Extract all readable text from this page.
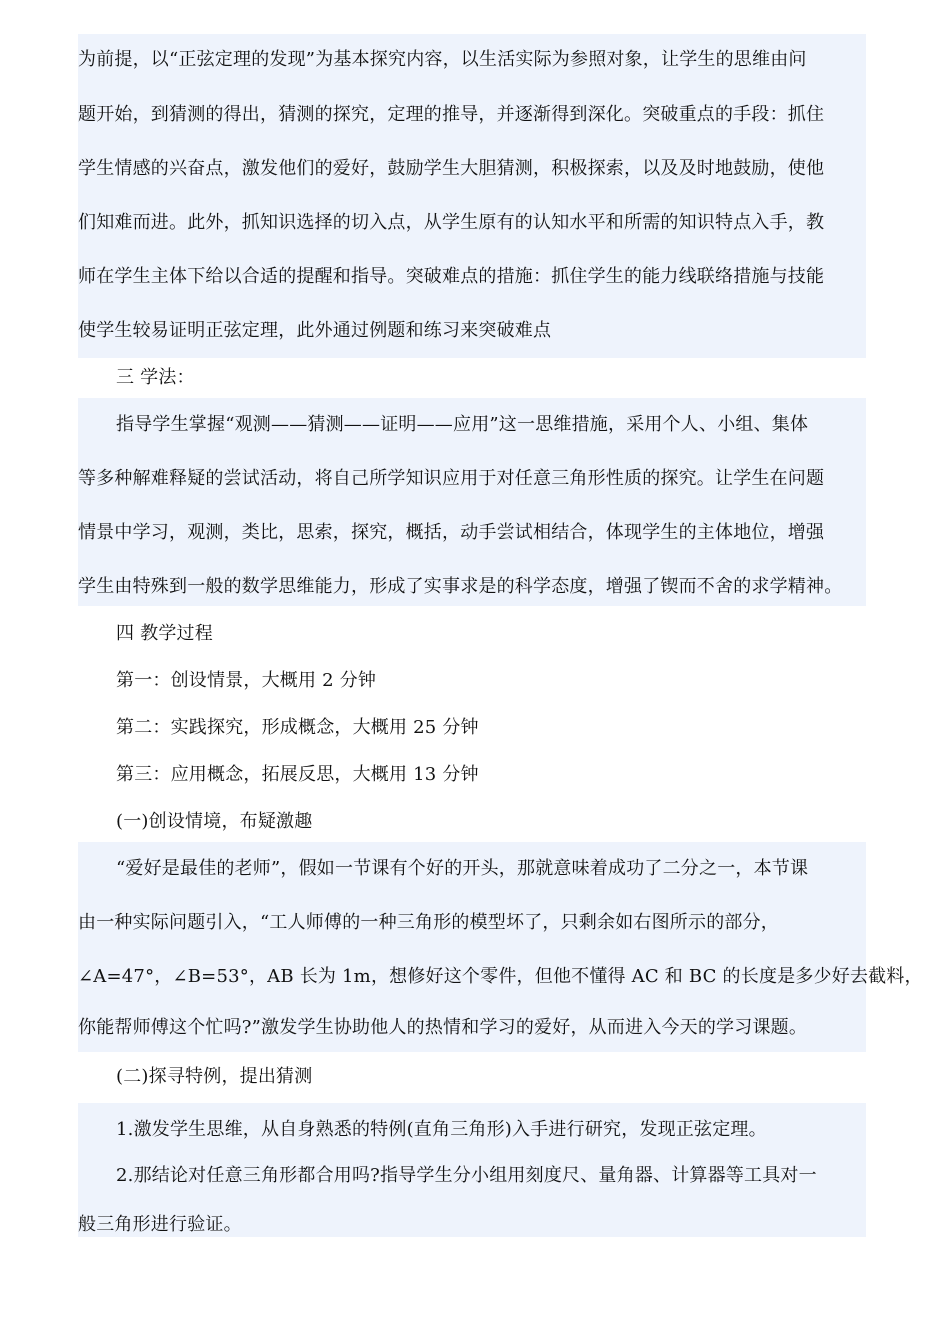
为前提，以“正弦定理的发现”为基本探究内容，以生活实际为参照对象，让学生的思维由问
题开始，到猜测的得出，猜测的探究，定理的推导，并逐渐得到深化。突破重点的手段：抓住
学生情感的兴奋点，激发他们的爱好，鼓励学生大胆猜测，积极探索，以及及时地鼓励，使他
们知难而进。此外，抓知识选择的切入点，从学生原有的认知水平和所需的知识特点入手，教
师在学生主体下给以合适的提醒和指导。突破难点的措施：抓住学生的能力线联络措施与技能
使学生较易证明正弦定理，此外通过例题和练习来突破难点
三 学法：
指导学生掌握“观测——猜测——证明——应用”这一思维措施，采用个人、小组、集体
等多种解难释疑的尝试活动，将自己所学知识应用于对任意三角形性质的探究。让学生在问题
情景中学习，观测，类比，思索，探究，概括，动手尝试相结合，体现学生的主体地位，增强
学生由特殊到一般的数学思维能力，形成了实事求是的科学态度，增强了锲而不舍的求学精神。
四 教学过程
第一：创设情景，大概用 2 分钟
第二：实践探究，形成概念，大概用 25 分钟
第三：应用概念，拓展反思，大概用 13 分钟
(一)创设情境，布疑激趣
“爱好是最佳的老师”，假如一节课有个好的开头，那就意味着成功了二分之一，本节课
由一种实际问题引入，“工人师傅的一种三角形的模型坏了，只剩余如右图所示的部分，
∠A=47°，∠B=53°，AB 长为 1m，想修好这个零件，但他不懂得 AC 和 BC 的长度是多少好去截料，
你能帮师傅这个忙吗?”激发学生协助他人的热情和学习的爱好，从而进入今天的学习课题。
(二)探寻特例，提出猜测
1.激发学生思维，从自身熟悉的特例(直角三角形)入手进行研究，发现正弦定理。
2.那结论对任意三角形都合用吗?指导学生分小组用刻度尺、量角器、计算器等工具对一
般三角形进行验证。
